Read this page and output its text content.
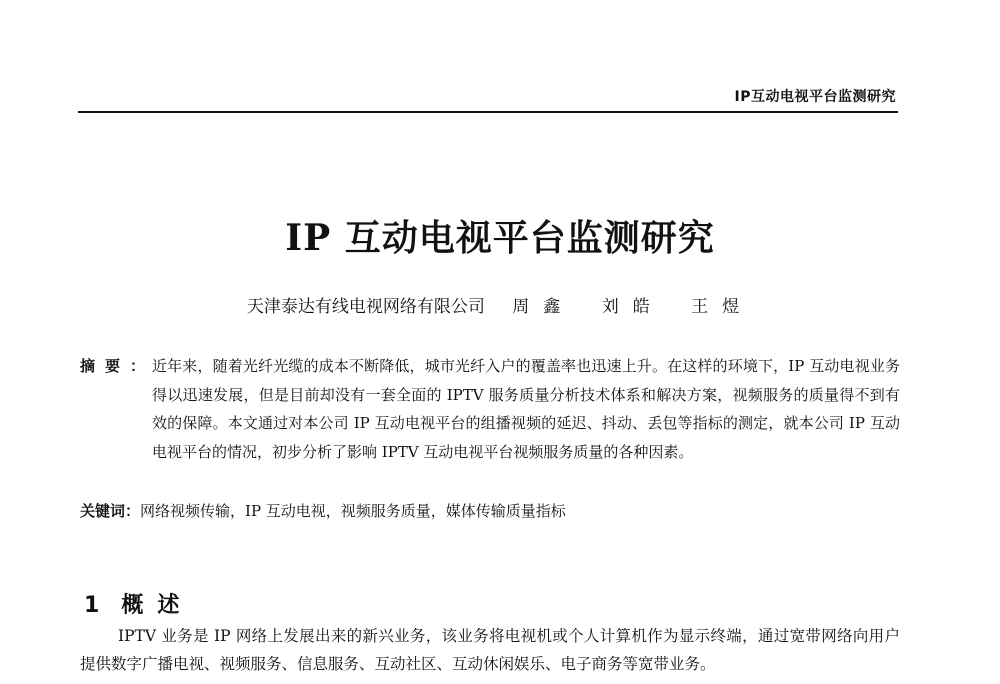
IP互动电视平台监测研究
IP 互动电视平台监测研究
天津泰达有线电视网络有限公司 周鑫 刘皓 王煜
摘要：
近年来，随着光纤光缆的成本不断降低，城市光纤入户的覆盖率也迅速上升。在这样的环境下，IP 互动电视业务得以迅速发展，但是目前却没有一套全面的 IPTV 服务质量分析技术体系和解决方案，视频服务的质量得不到有效的保障。本文通过对本公司 IP 互动电视平台的组播视频的延迟、抖动、丢包等指标的测定，就本公司 IP 互动电视平台的情况，初步分析了影响 IPTV 互动电视平台视频服务质量的各种因素。
关键词：网络视频传输，IP 互动电视，视频服务质量，媒体传输质量指标
1 概述
IPTV 业务是 IP 网络上发展出来的新兴业务，该业务将电视机或个人计算机作为显示终端，通过宽带网络向用户提供数字广播电视、视频服务、信息服务、互动社区、互动休闲娱乐、电子商务等宽带业务。
